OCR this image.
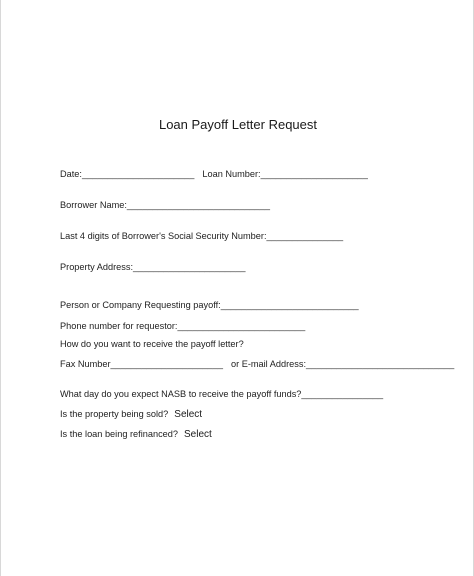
Loan Payoff Letter Request
Date:______________________ Loan Number:_____________________
Borrower Name:____________________________
Last 4 digits of Borrower's Social Security Number:_______________
Property Address:______________________
Person or Company Requesting payoff:___________________________
Phone number for requestor:_________________________
How do you want to receive the payoff letter?
Fax Number______________________ or E-mail Address:_____________________________
What day do you expect NASB to receive the payoff funds?________________
Is the property being sold? Select
Is the loan being refinanced? Select
